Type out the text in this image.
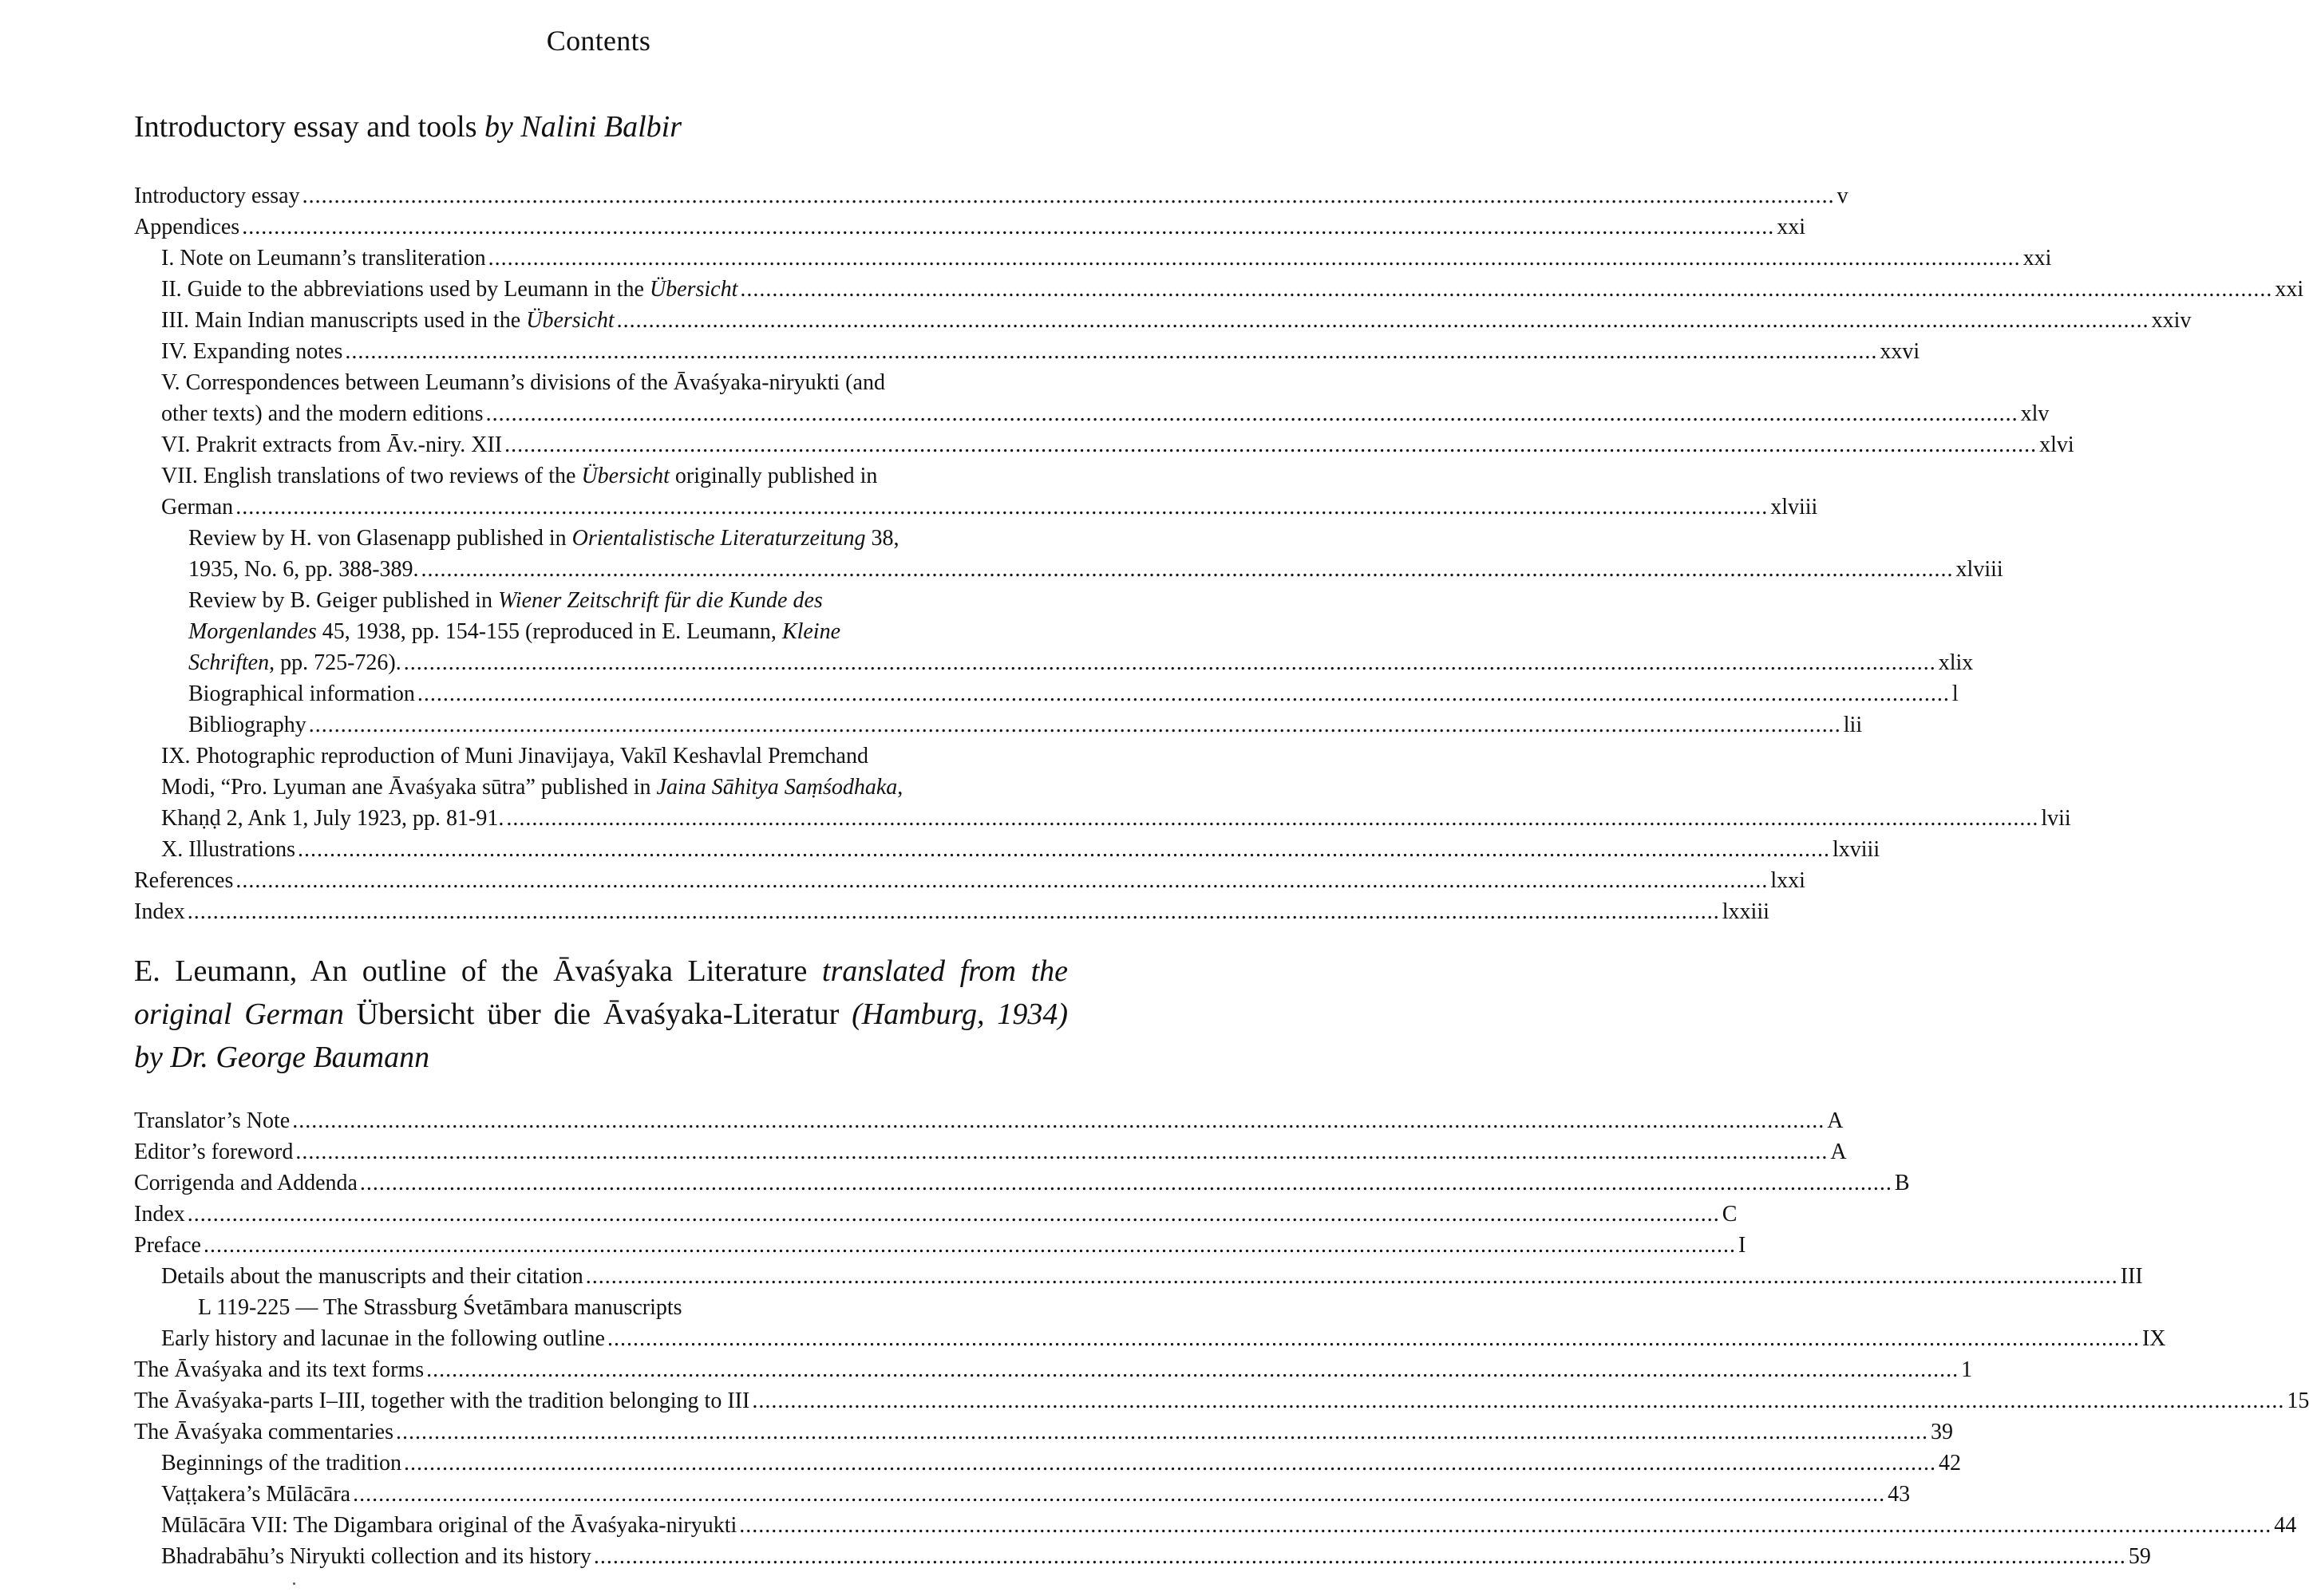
Contents
Introductory essay and tools by Nalini Balbir
Introductory essay .....	v
Appendices .....	xxi
I. Note on Leumann’s transliteration .....	xxi
II. Guide to the abbreviations used by Leumann in the Übersicht .....	xxi
III. Main Indian manuscripts used in the Übersicht .....	xxiv
IV. Expanding notes .....	xxvi
V. Correspondences between Leumann’s divisions of the Āvaśyaka-niryukti (and
other texts) and the modern editions .....	xlv
VI. Prakrit extracts from Āv.-niry. XII .....	xlvi
VII. English translations of two reviews of the Übersicht originally published in
German .....	xlviii
Review by H. von Glasenapp published in Orientalistische Literaturzeitung 38,
1935, No. 6, pp. 388-389. .....	xlviii
Review by B. Geiger published in Wiener Zeitschrift für die Kunde des
Morgenlandes 45, 1938, pp. 154-155 (reproduced in E. Leumann, Kleine
Schriften, pp. 725-726). .....	xlix
Biographical information .....	l
Bibliography .....	lii
IX. Photographic reproduction of Muni Jinavijaya, Vakīl Keshavlal Premchand
Modi, “Pro. Lyuman ane Āvaśyaka sūtra” published in Jaina Sāhitya Saṃśodhaka,
Khaṇḍ 2, Ank 1, July 1923, pp. 81-91. .....	lvii
X. Illustrations .....	lxviii
References .....	lxxi
Index .....	lxxiii
E. Leumann, An outline of the Āvaśyaka Literature translated from the original German Übersicht über die Āvaśyaka-Literatur (Hamburg, 1934) by Dr. George Baumann
Translator’s Note .....	A
Editor’s foreword .....	A
Corrigenda and Addenda .....	B
Index .....	C
Preface .....	I
Details about the manuscripts and their citation .....	III
L 119-225 — The Strassburg Śvetāmbara manuscripts
Early history and lacunae in the following outline .....	IX
The Āvaśyaka and its text forms .....	1
The Āvaśyaka-parts I–III, together with the tradition belonging to III .....	15
The Āvaśyaka commentaries .....	39
Beginnings of the tradition .....	42
Vaṭṭakera’s Mūlācāra .....	43
Mūlācāra VII: The Digambara original of the Āvaśyaka-niryukti .....	44
Bhadrabāhu’s Niryukti collection and its history .....	59
